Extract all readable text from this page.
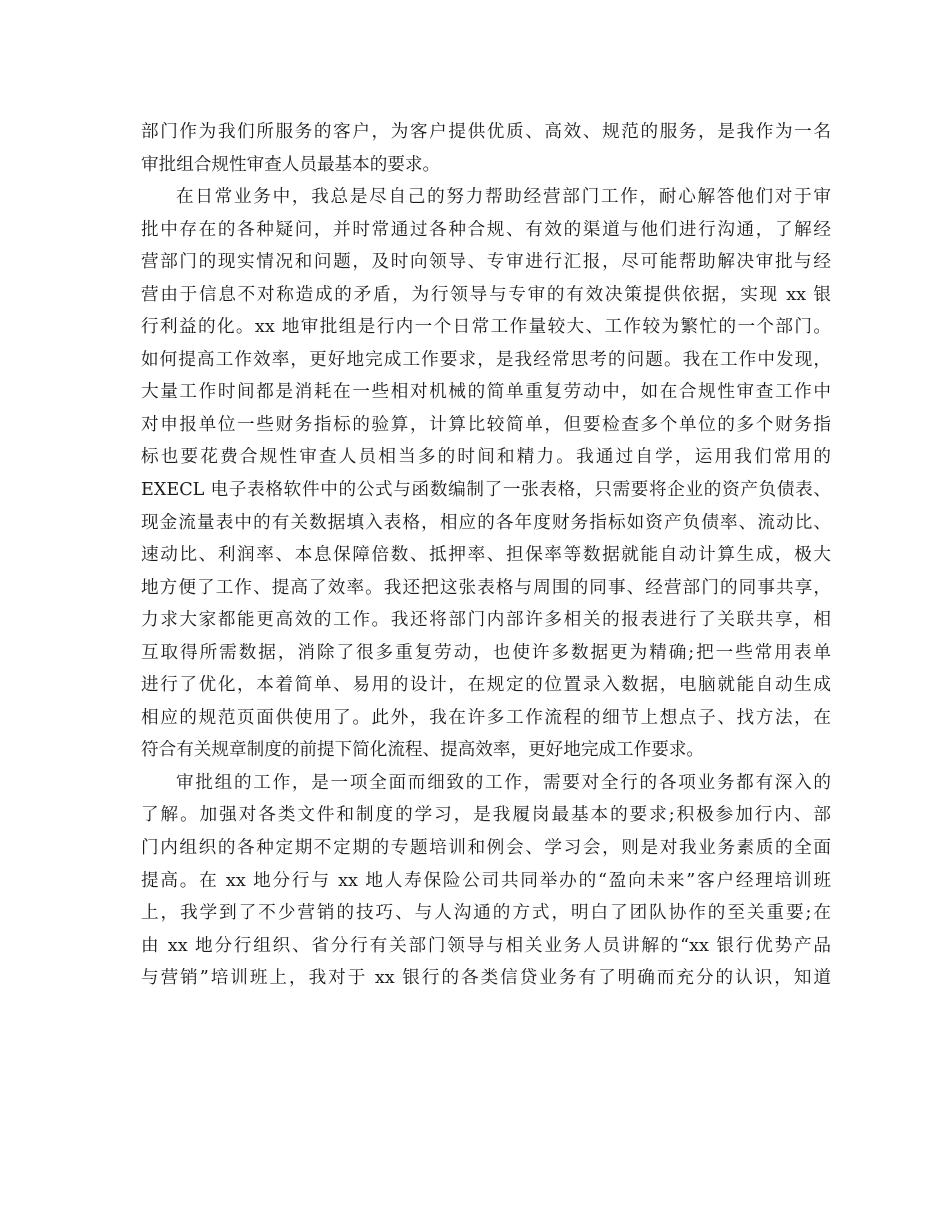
部门作为我们所服务的客户，为客户提供优质、高效、规范的服务，是我作为一名
审批组合规性审查人员最基本的要求。
在日常业务中，我总是尽自己的努力帮助经营部门工作，耐心解答他们对于审
批中存在的各种疑问，并时常通过各种合规、有效的渠道与他们进行沟通，了解经
营部门的现实情况和问题，及时向领导、专审进行汇报，尽可能帮助解决审批与经
营由于信息不对称造成的矛盾，为行领导与专审的有效决策提供依据，实现 xx 银
行利益的化。xx 地审批组是行内一个日常工作量较大、工作较为繁忙的一个部门。
如何提高工作效率，更好地完成工作要求，是我经常思考的问题。我在工作中发现，
大量工作时间都是消耗在一些相对机械的简单重复劳动中，如在合规性审查工作中
对申报单位一些财务指标的验算，计算比较简单，但要检查多个单位的多个财务指
标也要花费合规性审查人员相当多的时间和精力。我通过自学，运用我们常用的
EXECL 电子表格软件中的公式与函数编制了一张表格，只需要将企业的资产负债表、
现金流量表中的有关数据填入表格，相应的各年度财务指标如资产负债率、流动比、
速动比、利润率、本息保障倍数、抵押率、担保率等数据就能自动计算生成，极大
地方便了工作、提高了效率。我还把这张表格与周围的同事、经营部门的同事共享，
力求大家都能更高效的工作。我还将部门内部许多相关的报表进行了关联共享，相
互取得所需数据，消除了很多重复劳动，也使许多数据更为精确;把一些常用表单
进行了优化，本着简单、易用的设计，在规定的位置录入数据，电脑就能自动生成
相应的规范页面供使用了。此外，我在许多工作流程的细节上想点子、找方法，在
符合有关规章制度的前提下简化流程、提高效率，更好地完成工作要求。
审批组的工作，是一项全面而细致的工作，需要对全行的各项业务都有深入的
了解。加强对各类文件和制度的学习，是我履岗最基本的要求;积极参加行内、部
门内组织的各种定期不定期的专题培训和例会、学习会，则是对我业务素质的全面
提高。在 xx 地分行与 xx 地人寿保险公司共同举办的“盈向未来”客户经理培训班
上，我学到了不少营销的技巧、与人沟通的方式，明白了团队协作的至关重要;在
由 xx 地分行组织、省分行有关部门领导与相关业务人员讲解的“xx 银行优势产品
与营销”培训班上，我对于 xx 银行的各类信贷业务有了明确而充分的认识，知道
